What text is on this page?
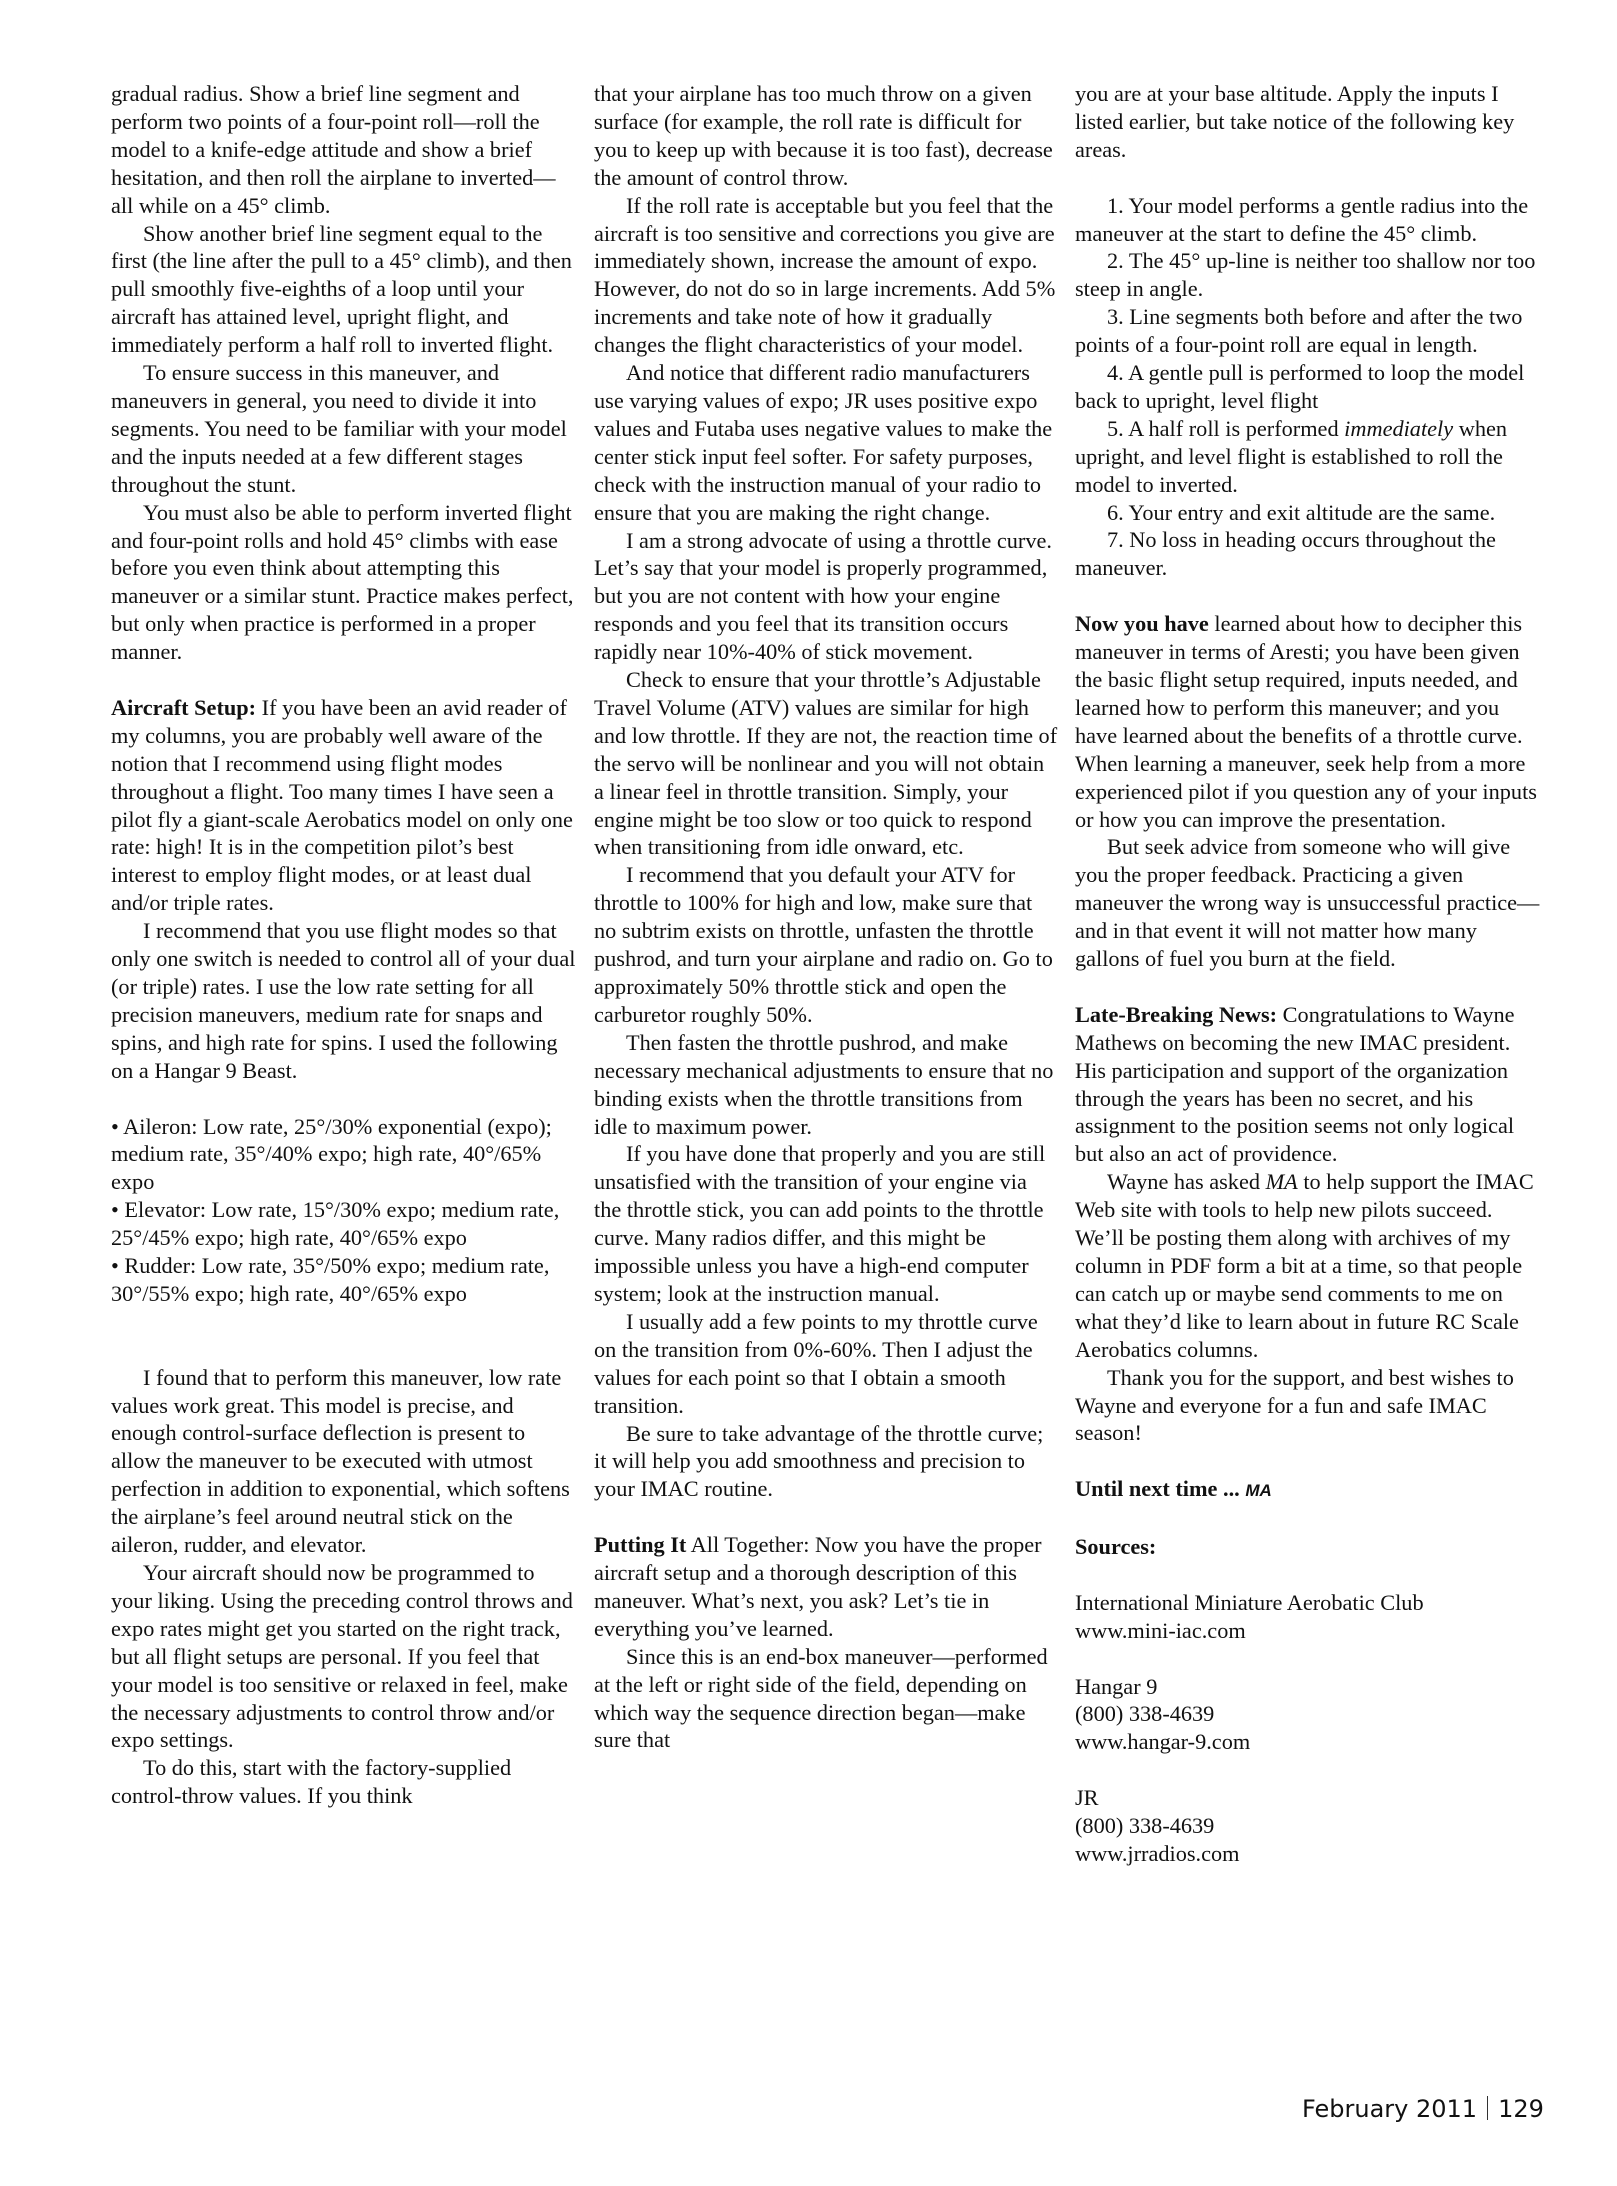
gradual radius. Show a brief line segment and perform two points of a four-point roll—roll the model to a knife-edge attitude and show a brief hesitation, and then roll the airplane to inverted—all while on a 45° climb.

Show another brief line segment equal to the first (the line after the pull to a 45° climb), and then pull smoothly five-eighths of a loop until your aircraft has attained level, upright flight, and immediately perform a half roll to inverted flight.

To ensure success in this maneuver, and maneuvers in general, you need to divide it into segments. You need to be familiar with your model and the inputs needed at a few different stages throughout the stunt.

You must also be able to perform inverted flight and four-point rolls and hold 45° climbs with ease before you even think about attempting this maneuver or a similar stunt. Practice makes perfect, but only when practice is performed in a proper manner.

Aircraft Setup: If you have been an avid reader of my columns, you are probably well aware of the notion that I recommend using flight modes throughout a flight. Too many times I have seen a pilot fly a giant-scale Aerobatics model on only one rate: high! It is in the competition pilot’s best interest to employ flight modes, or at least dual and/or triple rates.

I recommend that you use flight modes so that only one switch is needed to control all of your dual (or triple) rates. I use the low rate setting for all precision maneuvers, medium rate for snaps and spins, and high rate for spins. I used the following on a Hangar 9 Beast.

• Aileron: Low rate, 25°/30% exponential (expo); medium rate, 35°/40% expo; high rate, 40°/65% expo

• Elevator: Low rate, 15°/30% expo; medium rate, 25°/45% expo; high rate, 40°/65% expo

• Rudder: Low rate, 35°/50% expo; medium rate, 30°/55% expo; high rate, 40°/65% expo

I found that to perform this maneuver, low rate values work great. This model is precise, and enough control-surface deflection is present to allow the maneuver to be executed with utmost perfection in addition to exponential, which softens the airplane’s feel around neutral stick on the aileron, rudder, and elevator.

Your aircraft should now be programmed to your liking. Using the preceding control throws and expo rates might get you started on the right track, but all flight setups are personal. If you feel that your model is too sensitive or relaxed in feel, make the necessary adjustments to control throw and/or expo settings.

To do this, start with the factory-supplied control-throw values. If you think

that your airplane has too much throw on a given surface (for example, the roll rate is difficult for you to keep up with because it is too fast), decrease the amount of control throw.

If the roll rate is acceptable but you feel that the aircraft is too sensitive and corrections you give are immediately shown, increase the amount of expo. However, do not do so in large increments. Add 5% increments and take note of how it gradually changes the flight characteristics of your model.

And notice that different radio manufacturers use varying values of expo; JR uses positive expo values and Futaba uses negative values to make the center stick input feel softer. For safety purposes, check with the instruction manual of your radio to ensure that you are making the right change.

I am a strong advocate of using a throttle curve. Let’s say that your model is properly programmed, but you are not content with how your engine responds and you feel that its transition occurs rapidly near 10%-40% of stick movement.

Check to ensure that your throttle’s Adjustable Travel Volume (ATV) values are similar for high and low throttle. If they are not, the reaction time of the servo will be nonlinear and you will not obtain a linear feel in throttle transition. Simply, your engine might be too slow or too quick to respond when transitioning from idle onward, etc.

I recommend that you default your ATV for throttle to 100% for high and low, make sure that no subtrim exists on throttle, unfasten the throttle pushrod, and turn your airplane and radio on. Go to approximately 50% throttle stick and open the carburetor roughly 50%.

Then fasten the throttle pushrod, and make necessary mechanical adjustments to ensure that no binding exists when the throttle transitions from idle to maximum power.

If you have done that properly and you are still unsatisfied with the transition of your engine via the throttle stick, you can add points to the throttle curve. Many radios differ, and this might be impossible unless you have a high-end computer system; look at the instruction manual.

I usually add a few points to my throttle curve on the transition from 0%-60%. Then I adjust the values for each point so that I obtain a smooth transition.

Be sure to take advantage of the throttle curve; it will help you add smoothness and precision to your IMAC routine.

Putting It All Together: Now you have the proper aircraft setup and a thorough description of this maneuver. What’s next, you ask? Let’s tie in everything you’ve learned.

Since this is an end-box maneuver—performed at the left or right side of the field, depending on which way the sequence direction began—make sure that

you are at your base altitude. Apply the inputs I listed earlier, but take notice of the following key areas.

1. Your model performs a gentle radius into the maneuver at the start to define the 45° climb.

2. The 45° up-line is neither too shallow nor too steep in angle.

3. Line segments both before and after the two points of a four-point roll are equal in length.

4. A gentle pull is performed to loop the model back to upright, level flight

5. A half roll is performed immediately when upright, and level flight is established to roll the model to inverted.

6. Your entry and exit altitude are the same.

7. No loss in heading occurs throughout the maneuver.

Now you have learned about how to decipher this maneuver in terms of Aresti; you have been given the basic flight setup required, inputs needed, and learned how to perform this maneuver; and you have learned about the benefits of a throttle curve. When learning a maneuver, seek help from a more experienced pilot if you question any of your inputs or how you can improve the presentation.

But seek advice from someone who will give you the proper feedback. Practicing a given maneuver the wrong way is unsuccessful practice—and in that event it will not matter how many gallons of fuel you burn at the field.

Late-Breaking News: Congratulations to Wayne Mathews on becoming the new IMAC president. His participation and support of the organization through the years has been no secret, and his assignment to the position seems not only logical but also an act of providence.

Wayne has asked MA to help support the IMAC Web site with tools to help new pilots succeed. We’ll be posting them along with archives of my column in PDF form a bit at a time, so that people can catch up or maybe send comments to me on what they’d like to learn about in future RC Scale Aerobatics columns.

Thank you for the support, and best wishes to Wayne and everyone for a fun and safe IMAC season!

Until next time ... MA

Sources:

International Miniature Aerobatic Club

www.mini-iac.com

Hangar 9

(800) 338-4639

www.hangar-9.com

JR

(800) 338-4639

www.jrradios.com

February 2011 129
